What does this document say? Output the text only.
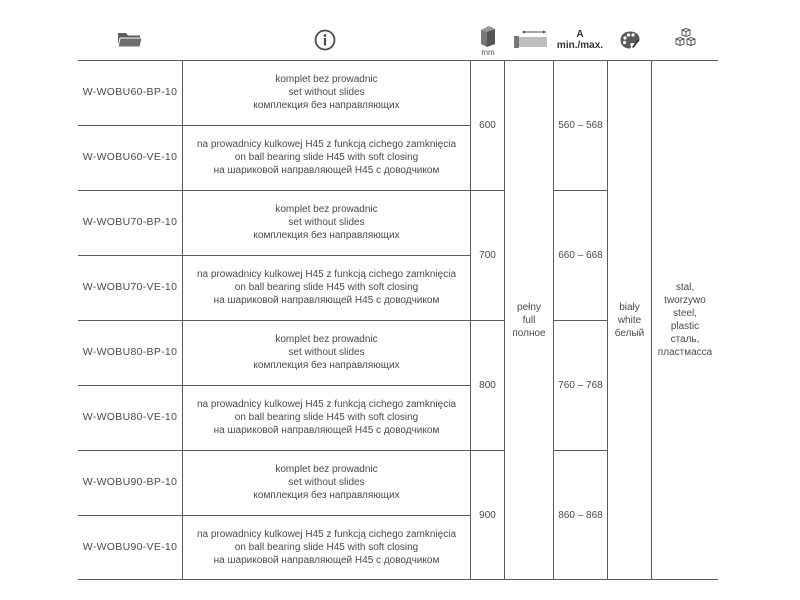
mm
A
min./max.
W-WOBU60-BP-10
komplet bez prowadnic
set without slides
комплекция без направляющих
W-WOBU60-VE-10
na prowadnicy kulkowej H45 z funkcją cichego zamknięcia
on ball bearing slide H45 with soft closing
на шариковой направляющей H45 с доводчиком
W-WOBU70-BP-10
komplet bez prowadnic
set without slides
комплекция без направляющих
W-WOBU70-VE-10
na prowadnicy kulkowej H45 z funkcją cichego zamknięcia
on ball bearing slide H45 with soft closing
на шариковой направляющей H45 с доводчиком
W-WOBU80-BP-10
komplet bez prowadnic
set without slides
комплекция без направляющих
W-WOBU80-VE-10
na prowadnicy kulkowej H45 z funkcją cichego zamknięcia
on ball bearing slide H45 with soft closing
на шариковой направляющей H45 с доводчиком
W-WOBU90-BP-10
komplet bez prowadnic
set without slides
комплекция без направляющих
W-WOBU90-VE-10
na prowadnicy kulkowej H45 z funkcją cichego zamknięcia
on ball bearing slide H45 with soft closing
на шариковой направляющей H45 с доводчиком
600
700
800
900
pełny
full
полное
560 – 568
660 – 668
760 – 768
860 – 868
biały
white
белый
stal,
tworzywo
steel,
plastic
сталь,
пластмасса
